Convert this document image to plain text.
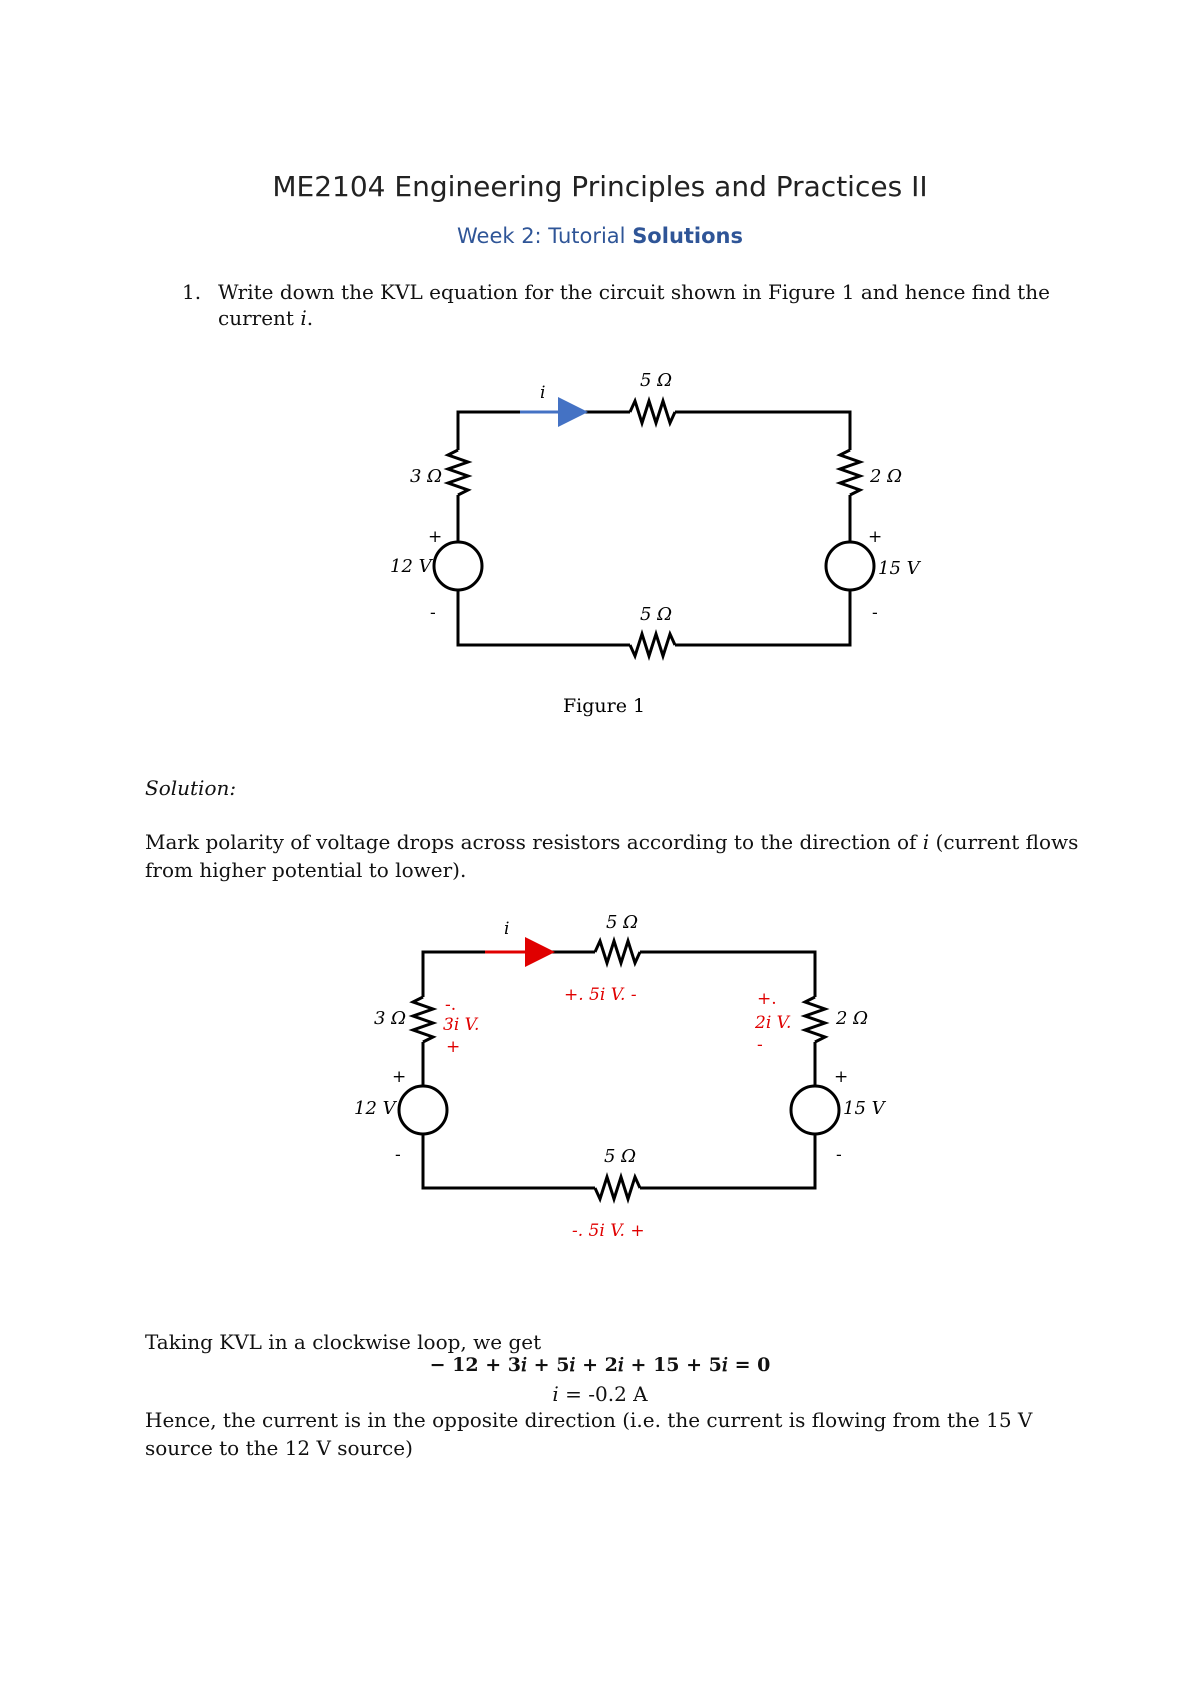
ME2104 Engineering Principles and Practices II
Week 2: Tutorial Solutions
1. Write down the KVL equation for the circuit shown in Figure 1 and hence find the
current i.
i
5 Ω
3 Ω	2 Ω
5 Ω
+
12 V
-
+
15 V
-
Figure 1
i	5 Ω
3 Ω	2 Ω
5 Ω
+
12 V
-
+
15 V
-
+. 5i V. -
-.
3i V.
+
+.
2i V.
-
-. 5i V. +
Solution:
Mark polarity of voltage drops across resistors according to the direction of i (current flows
from higher potential to lower).
Taking KVL in a clockwise loop, we get
− 12 + 3𝑖 + 5𝑖 + 2𝑖 + 15 + 5𝑖 = 0
i = -0.2 A
Hence, the current is in the opposite direction (i.e. the current is flowing from the 15 V
source to the 12 V source)
